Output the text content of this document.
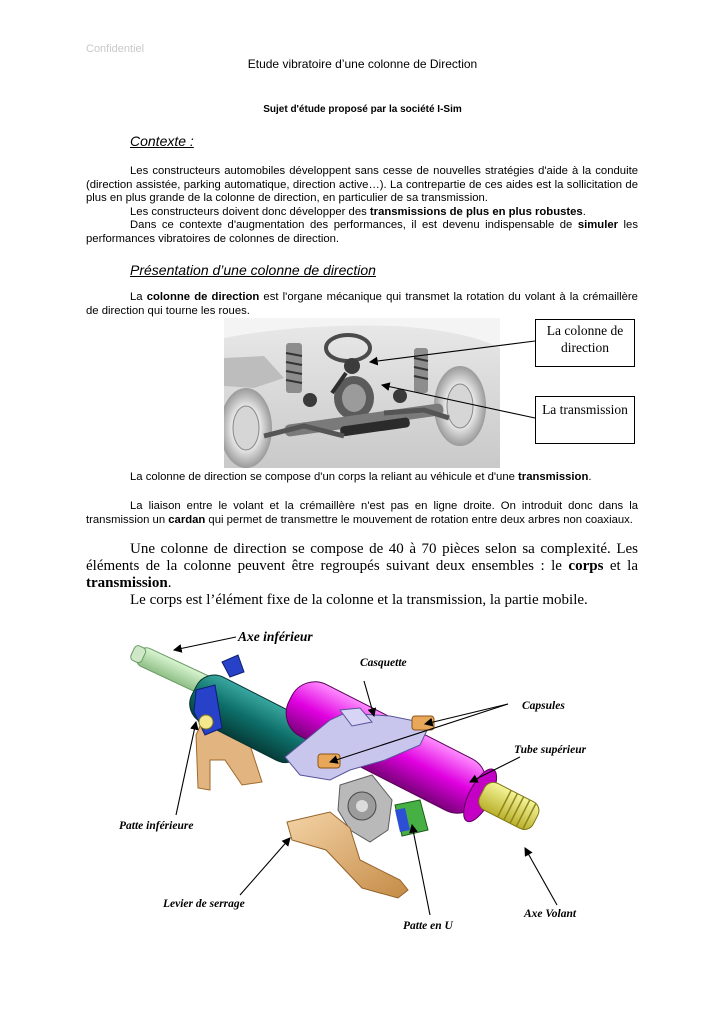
Confidentiel
Etude vibratoire d’une colonne de Direction
Sujet d'étude proposé par la société I-Sim
Contexte :

Les constructeurs automobiles développent sans cesse de nouvelles stratégies d'aide à la conduite (direction assistée, parking automatique, direction active…). La contrepartie de ces aides est la sollicitation de plus en plus grande de la colonne de direction, en particulier de sa transmission.

Les constructeurs doivent donc développer des transmissions de plus en plus robustes.

Dans ce contexte d'augmentation des performances, il est devenu indispensable de simuler les performances vibratoires de colonnes de direction.

Présentation d’une colonne de direction

La colonne de direction est l'organe mécanique qui transmet la rotation du volant à la crémaillère de direction qui tourne les roues.

La colonne de direction
La transmission

La colonne de direction se compose d'un corps la reliant au véhicule et d'une transmission.

La liaison entre le volant et la crémaillère n'est pas en ligne droite. On introduit donc dans la transmission un cardan qui permet de transmettre le mouvement de rotation entre deux arbres non coaxiaux.

Une colonne de direction se compose de 40 à 70 pièces selon sa complexité. Les éléments de la colonne peuvent être regroupés suivant deux ensembles : le corps et la transmission.

Le corps est l’élément fixe de la colonne et la transmission, la partie mobile.

Axe inférieur
Casquette
Capsules
Tube supérieur
Patte inférieure
Levier de serrage
Axe Volant
Patte en U
